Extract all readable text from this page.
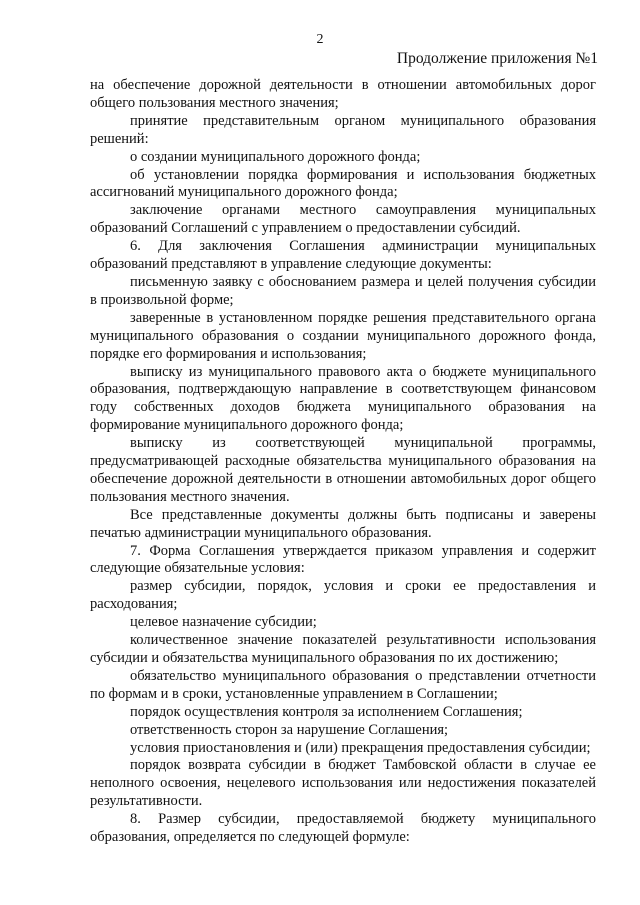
2
Продолжение приложения №1

на обеспечение дорожной деятельности в отношении автомобильных дорог общего пользования местного значения;

принятие представительным органом муниципального образования решений:

о создании муниципального дорожного фонда;

об установлении порядка формирования и использования бюджетных ассигнований муниципального дорожного фонда;

заключение органами местного самоуправления муниципальных образований Соглашений с управлением о предоставлении субсидий.

6. Для заключения Соглашения администрации муниципальных образований представляют в управление следующие документы:

письменную заявку с обоснованием размера и целей получения субсидии в произвольной форме;

заверенные в установленном порядке решения представительного органа муниципального образования о создании муниципального дорожного фонда, порядке его формирования и использования;

выписку из муниципального правового акта о бюджете муниципального образования, подтверждающую направление в соответствующем финансовом году собственных доходов бюджета муниципального образования на формирование муниципального дорожного фонда;

выписку из соответствующей муниципальной программы, предусматривающей расходные обязательства муниципального образования на обеспечение дорожной деятельности в отношении автомобильных дорог общего пользования местного значения.

Все представленные документы должны быть подписаны и заверены печатью администрации муниципального образования.

7. Форма Соглашения утверждается приказом управления и содержит следующие обязательные условия:

размер субсидии, порядок, условия и сроки ее предоставления и расходования;

целевое назначение субсидии;

количественное значение показателей результативности использования субсидии и обязательства муниципального образования по их достижению;

обязательство муниципального образования о представлении отчетности по формам и в сроки, установленные управлением в Соглашении;

порядок осуществления контроля за исполнением Соглашения;

ответственность сторон за нарушение Соглашения;

условия приостановления и (или) прекращения предоставления субсидии;

порядок возврата субсидии в бюджет Тамбовской области в случае ее неполного освоения, нецелевого использования или недостижения показателей результативности.

8. Размер субсидии, предоставляемой бюджету муниципального образования, определяется по следующей формуле:
